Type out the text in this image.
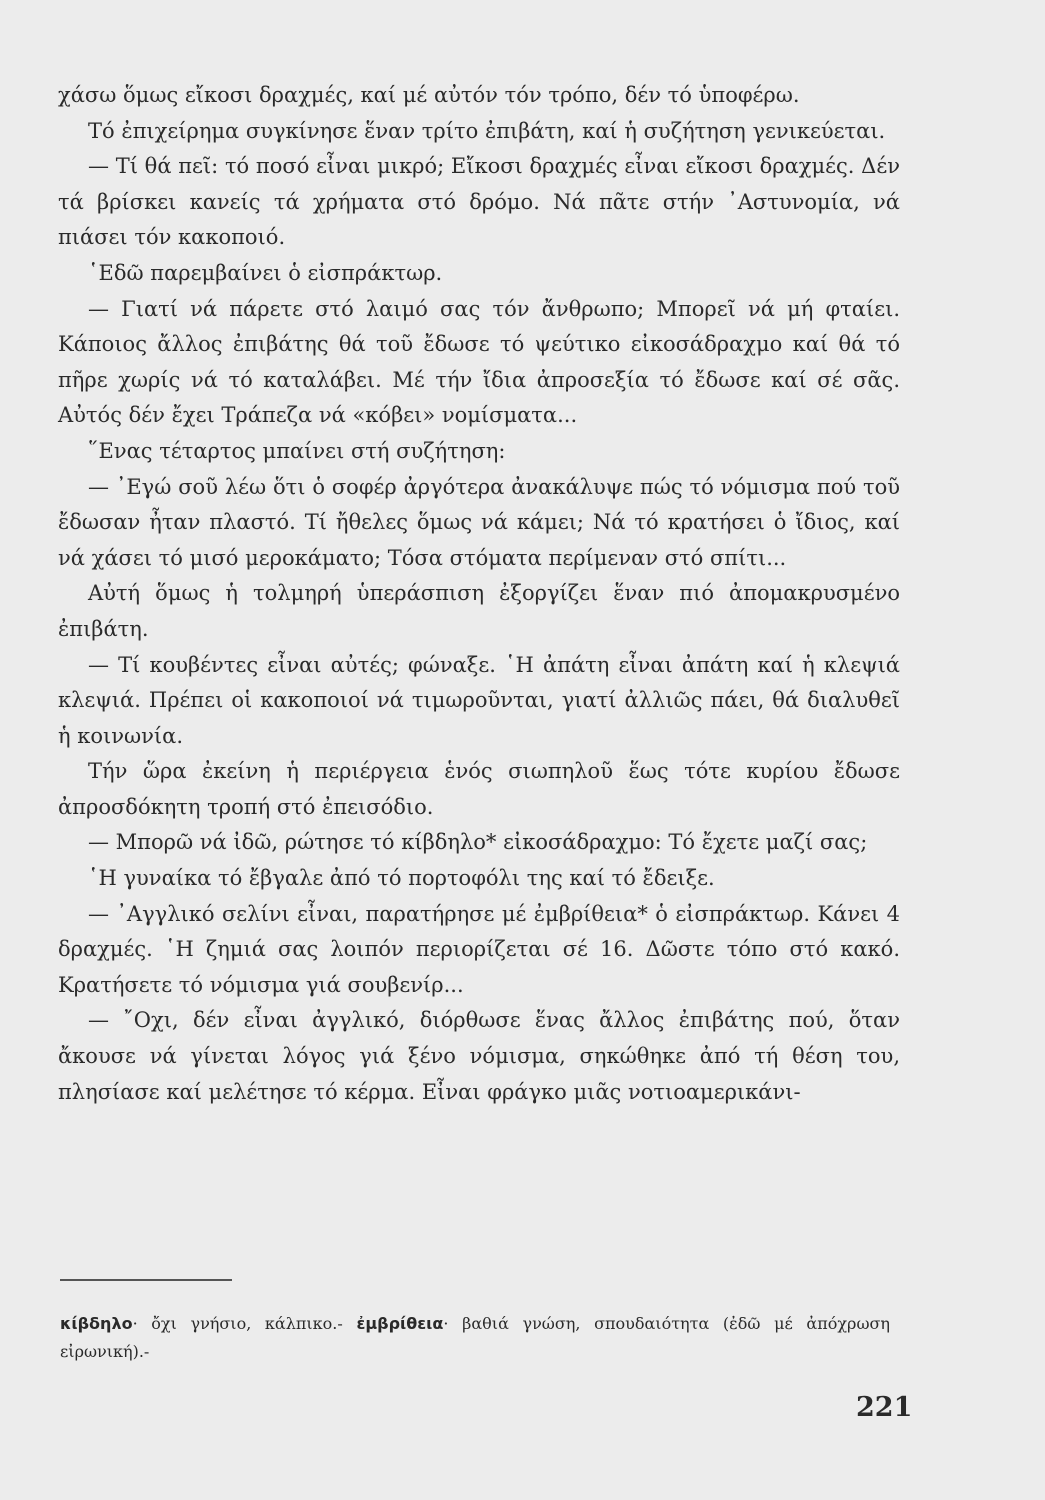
χάσω ὅμως εἴκοσι δραχμές, καί μέ αὐτόν τόν τρόπο, δέν τό ὑποφέρω.

Τό ἐπιχείρημα συγκίνησε ἕναν τρίτο ἐπιβάτη, καί ἡ συζήτηση γενικεύεται.

— Τί θά πεῖ: τό ποσό εἶναι μικρό; Εἴκοσι δραχμές εἶναι εἴκοσι δραχμές. Δέν τά βρίσκει κανείς τά χρήματα στό δρόμο. Νά πᾶτε στήν ᾿Αστυνομία, νά πιάσει τόν κακοποιό.

῾Εδῶ παρεμβαίνει ὁ εἰσπράκτωρ.

— Γιατί νά πάρετε στό λαιμό σας τόν ἄνθρωπο; Μπορεῖ νά μή φταίει. Κάποιος ἄλλος ἐπιβάτης θά τοῦ ἔδωσε τό ψεύτικο εἰκοσάδραχμο καί θά τό πῆρε χωρίς νά τό καταλάβει. Μέ τήν ἴδια ἀπροσεξία τό ἔδωσε καί σέ σᾶς. Αὐτός δέν ἔχει Τράπεζα νά «κόβει» νομίσματα...

῞Ενας τέταρτος μπαίνει στή συζήτηση:

— ᾿Εγώ σοῦ λέω ὅτι ὁ σοφέρ ἀργότερα ἀνακάλυψε πώς τό νόμισμα πού τοῦ ἔδωσαν ἦταν πλαστό. Τί ἤθελες ὅμως νά κάμει; Νά τό κρατήσει ὁ ἴδιος, καί νά χάσει τό μισό μεροκάματο; Τόσα στόματα περίμεναν στό σπίτι...

Αὐτή ὅμως ἡ τολμηρή ὑπεράσπιση ἐξοργίζει ἕναν πιό ἀπομακρυσμένο ἐπιβάτη.

— Τί κουβέντες εἶναι αὐτές; φώναξε. ῾Η ἀπάτη εἶναι ἀπάτη καί ἡ κλεψιά κλεψιά. Πρέπει οἱ κακοποιοί νά τιμωροῦνται, γιατί ἀλλιῶς πάει, θά διαλυθεῖ ἡ κοινωνία.

Τήν ὥρα ἐκείνη ἡ περιέργεια ἑνός σιωπηλοῦ ἕως τότε κυρίου ἔδωσε ἀπροσδόκητη τροπή στό ἐπεισόδιο.

— Μπορῶ νά ἰδῶ, ρώτησε τό κίβδηλο* εἰκοσάδραχμο: Τό ἔχετε μαζί σας;

῾Η γυναίκα τό ἔβγαλε ἀπό τό πορτοφόλι της καί τό ἔδειξε.

— ᾿Αγγλικό σελίνι εἶναι, παρατήρησε μέ ἐμβρίθεια* ὁ εἰσπράκτωρ. Κάνει 4 δραχμές. ῾Η ζημιά σας λοιπόν περιορίζεται σέ 16. Δῶστε τόπο στό κακό. Κρατήσετε τό νόμισμα γιά σουβενίρ...

— ῎Οχι, δέν εἶναι ἀγγλικό, διόρθωσε ἕνας ἄλλος ἐπιβάτης πού, ὅταν ἄκουσε νά γίνεται λόγος γιά ξένο νόμισμα, σηκώθηκε ἀπό τή θέση του, πλησίασε καί μελέτησε τό κέρμα. Εἶναι φράγκο μιᾶς νοτιοαμερικάνι-

κίβδηλο· ὄχι γνήσιο, κάλπικο.- ἐμβρίθεια· βαθιά γνώση, σπουδαιότητα (ἐδῶ μέ ἀπόχρωση εἰρωνική).-
221
